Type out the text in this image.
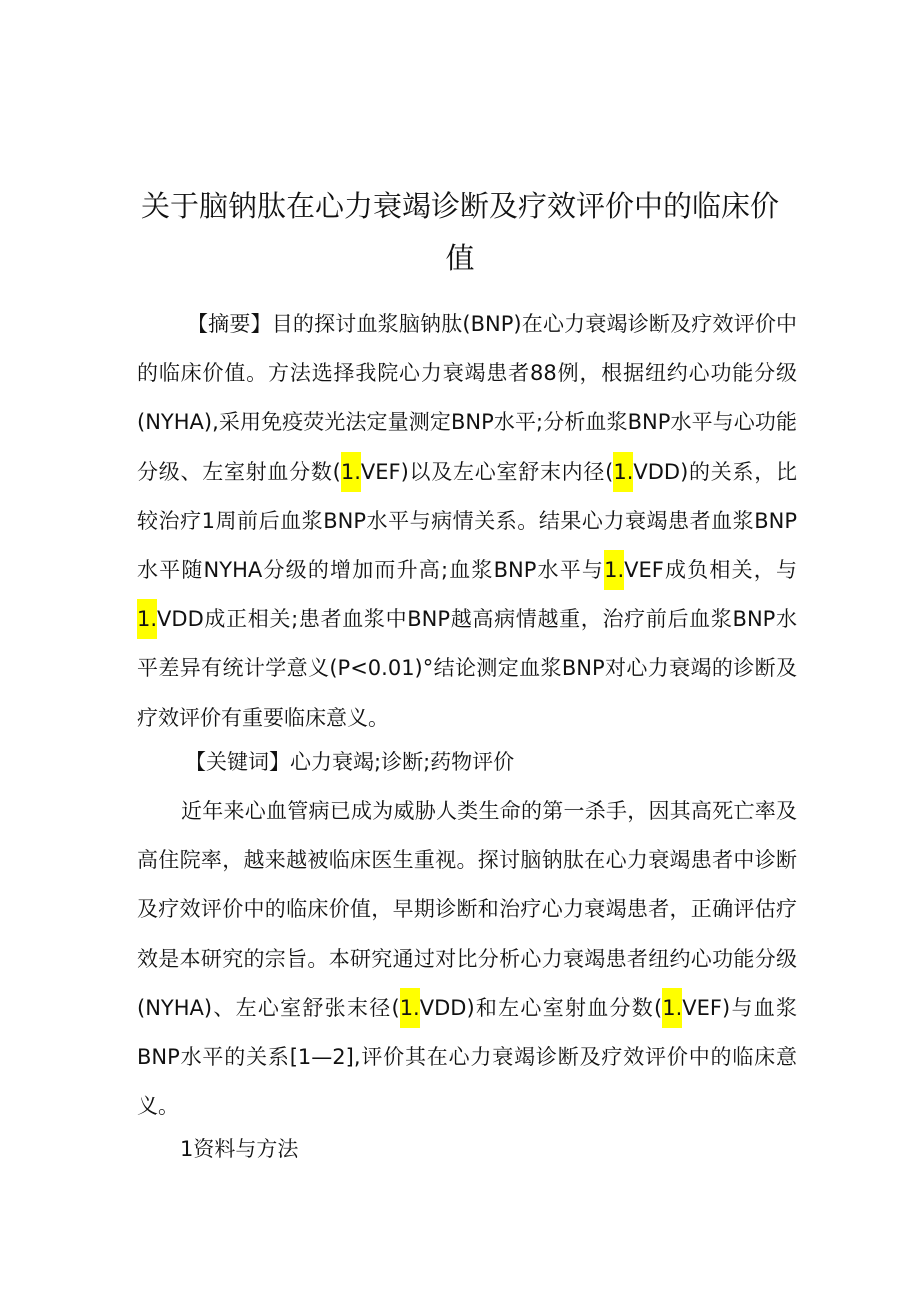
关于脑钠肽在心力衰竭诊断及疗效评价中的临床价值

【摘要】目的探讨血浆脑钠肽(BNP)在心力衰竭诊断及疗效评价中的临床价值。方法选择我院心力衰竭患者88例，根据纽约心功能分级(NYHA),采用免疫荧光法定量测定BNP水平;分析血浆BNP水平与心功能分级、左室射血分数(1.VEF)以及左心室舒末内径(1.VDD)的关系，比较治疗1周前后血浆BNP水平与病情关系。结果心力衰竭患者血浆BNP水平随NYHA分级的增加而升高;血浆BNP水平与1.VEF成负相关，与1.VDD成正相关;患者血浆中BNP越高病情越重，治疗前后血浆BNP水平差异有统计学意义(P<0.01)°结论测定血浆BNP对心力衰竭的诊断及疗效评价有重要临床意义。

【关键词】心力衰竭;诊断;药物评价

近年来心血管病已成为威胁人类生命的第一杀手，因其高死亡率及高住院率，越来越被临床医生重视。探讨脑钠肽在心力衰竭患者中诊断及疗效评价中的临床价值，早期诊断和治疗心力衰竭患者，正确评估疗效是本研究的宗旨。本研究通过对比分析心力衰竭患者纽约心功能分级(NYHA)、左心室舒张末径(1.VDD)和左心室射血分数(1.VEF)与血浆BNP水平的关系[1—2],评价其在心力衰竭诊断及疗效评价中的临床意义。

1资料与方法
